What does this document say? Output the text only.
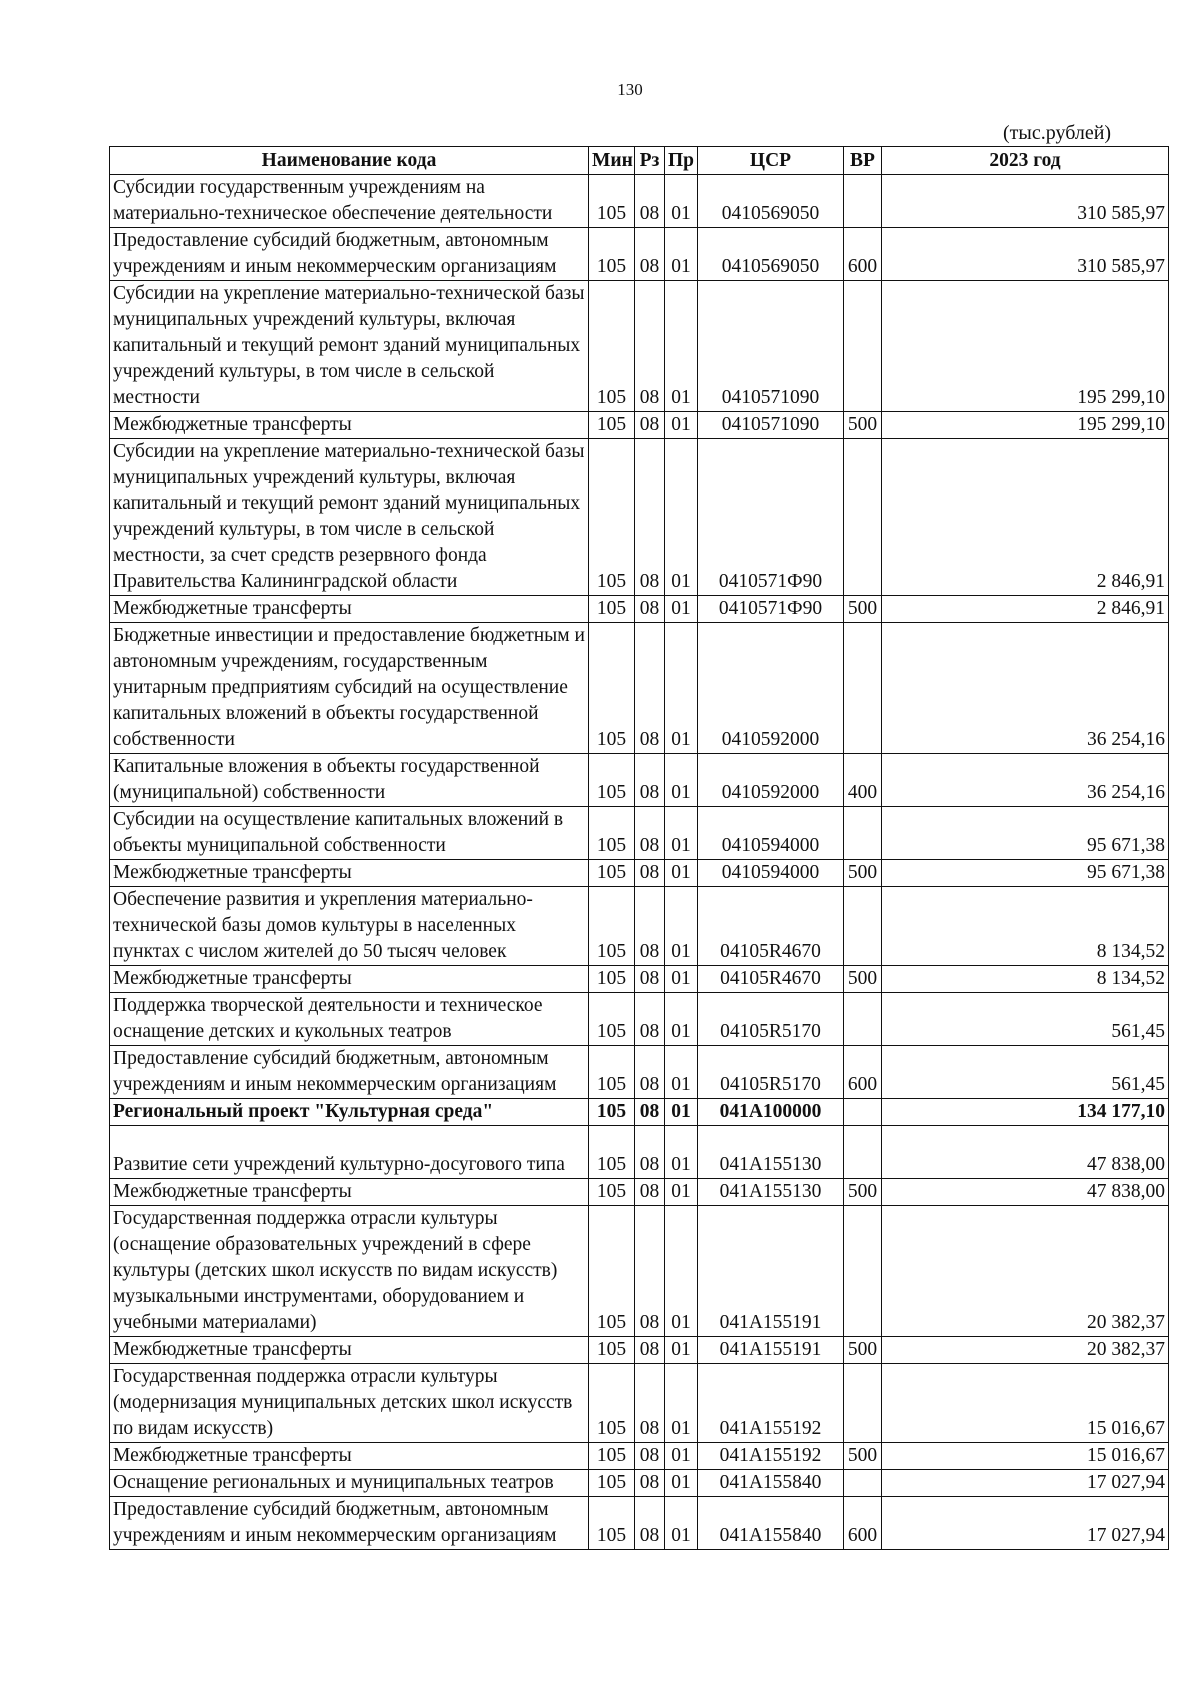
130
(тыс.рублей)
Наименование кода	Мин	Рз	Пр	ЦСР	ВР	2023 год
Субсидии государственным учреждениям на материально-техническое обеспечение деятельности	105	08	01	0410569050		310 585,97
Предоставление субсидий бюджетным, автономным учреждениям и иным некоммерческим организациям	105	08	01	0410569050	600	310 585,97
Субсидии на укрепление материально-технической базы муниципальных учреждений культуры, включая капитальный и текущий ремонт зданий муниципальных учреждений культуры, в том числе в сельской местности	105	08	01	0410571090		195 299,10
Межбюджетные трансферты	105	08	01	0410571090	500	195 299,10
Субсидии на укрепление материально-технической базы муниципальных учреждений культуры, включая капитальный и текущий ремонт зданий муниципальных учреждений культуры, в том числе в сельской местности, за счет средств резервного фонда Правительства Калининградской области	105	08	01	0410571Ф90		2 846,91
Межбюджетные трансферты	105	08	01	0410571Ф90	500	2 846,91
Бюджетные инвестиции и предоставление бюджетным и автономным учреждениям, государственным унитарным предприятиям субсидий на осуществление капитальных вложений в объекты государственной собственности	105	08	01	0410592000		36 254,16
Капитальные вложения в объекты государственной (муниципальной) собственности	105	08	01	0410592000	400	36 254,16
Субсидии на осуществление капитальных вложений в объекты муниципальной собственности	105	08	01	0410594000		95 671,38
Межбюджетные трансферты	105	08	01	0410594000	500	95 671,38
Обеспечение развития и укрепления материально-технической базы домов культуры в населенных пунктах с числом жителей до 50 тысяч человек	105	08	01	04105R4670		8 134,52
Межбюджетные трансферты	105	08	01	04105R4670	500	8 134,52
Поддержка творческой деятельности и техническое оснащение детских и кукольных театров	105	08	01	04105R5170		561,45
Предоставление субсидий бюджетным, автономным учреждениям и иным некоммерческим организациям	105	08	01	04105R5170	600	561,45
Региональный проект "Культурная среда"	105	08	01	041A100000		134 177,10
Развитие сети учреждений культурно-досугового типа	105	08	01	041A155130		47 838,00
Межбюджетные трансферты	105	08	01	041A155130	500	47 838,00
Государственная поддержка отрасли культуры (оснащение образовательных учреждений в сфере культуры (детских школ искусств по видам искусств) музыкальными инструментами, оборудованием и учебными материалами)	105	08	01	041A155191		20 382,37
Межбюджетные трансферты	105	08	01	041A155191	500	20 382,37
Государственная поддержка отрасли культуры (модернизация муниципальных детских школ искусств по видам искусств)	105	08	01	041A155192		15 016,67
Межбюджетные трансферты	105	08	01	041A155192	500	15 016,67
Оснащение региональных и муниципальных театров	105	08	01	041A155840		17 027,94
Предоставление субсидий бюджетным, автономным учреждениям и иным некоммерческим организациям	105	08	01	041A155840	600	17 027,94
